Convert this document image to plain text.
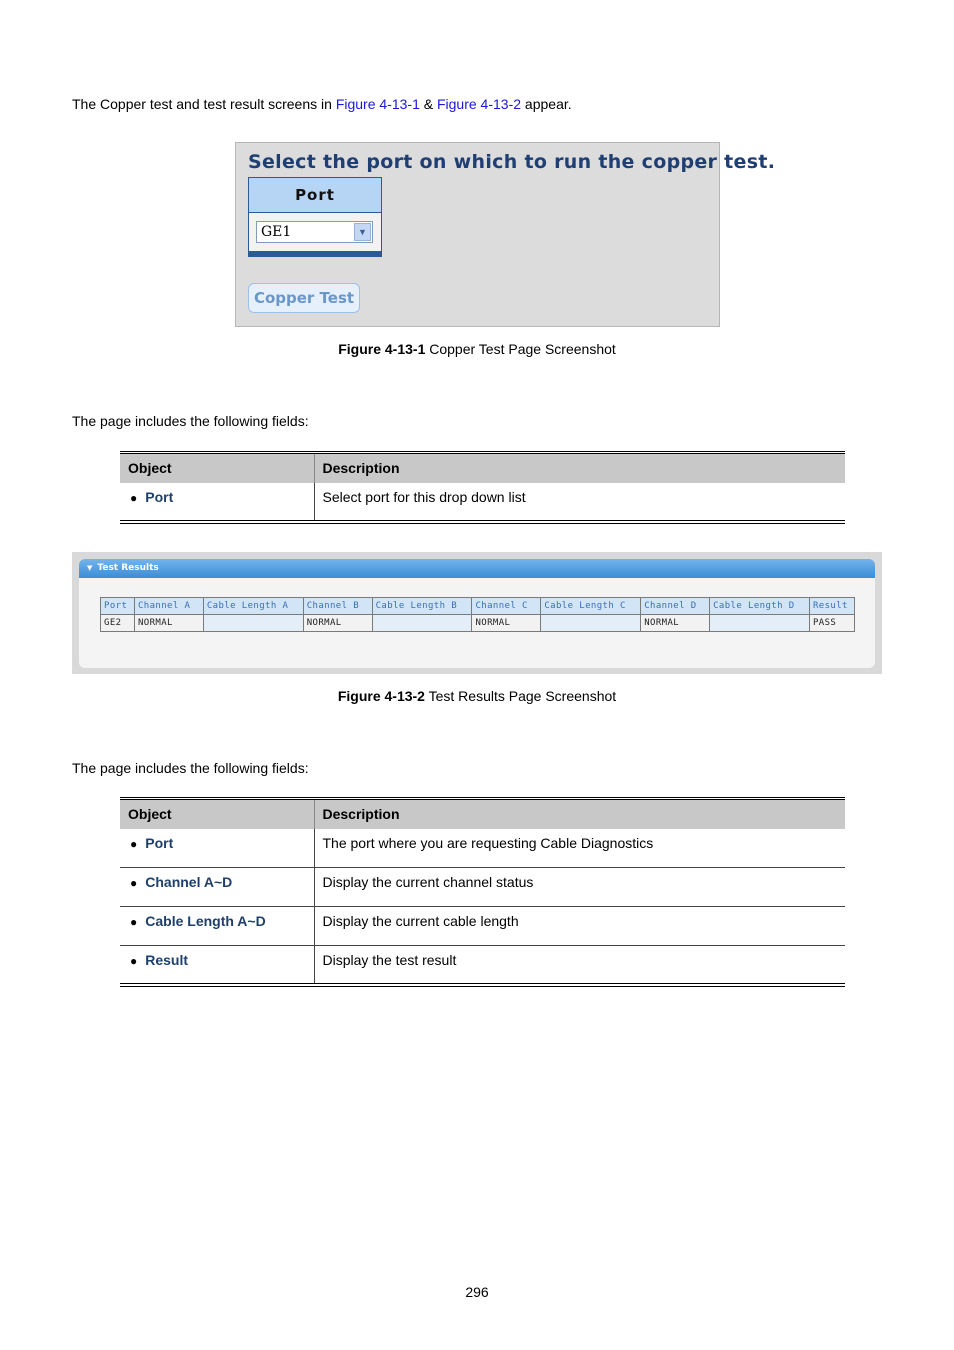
The Copper test and test result screens in Figure 4-13-1 & Figure 4-13-2 appear.
Select the port on which to run the copper test.
Port
GE1	▼
Copper Test
Figure 4-13-1 Copper Test Page Screenshot
The page includes the following fields:
Object	Description
● Port	Select port for this drop down list
▼ Test Results
Port	Channel A	Cable Length A	Channel B	Cable Length B	Channel C	Cable Length C	Channel D	Cable Length D	Result
GE2	NORMAL		NORMAL		NORMAL		NORMAL		PASS
Figure 4-13-2 Test Results Page Screenshot
The page includes the following fields:
Object	Description
● Port	The port where you are requesting Cable Diagnostics
● Channel A~D	Display the current channel status
● Cable Length A~D	Display the current cable length
● Result	Display the test result
296
